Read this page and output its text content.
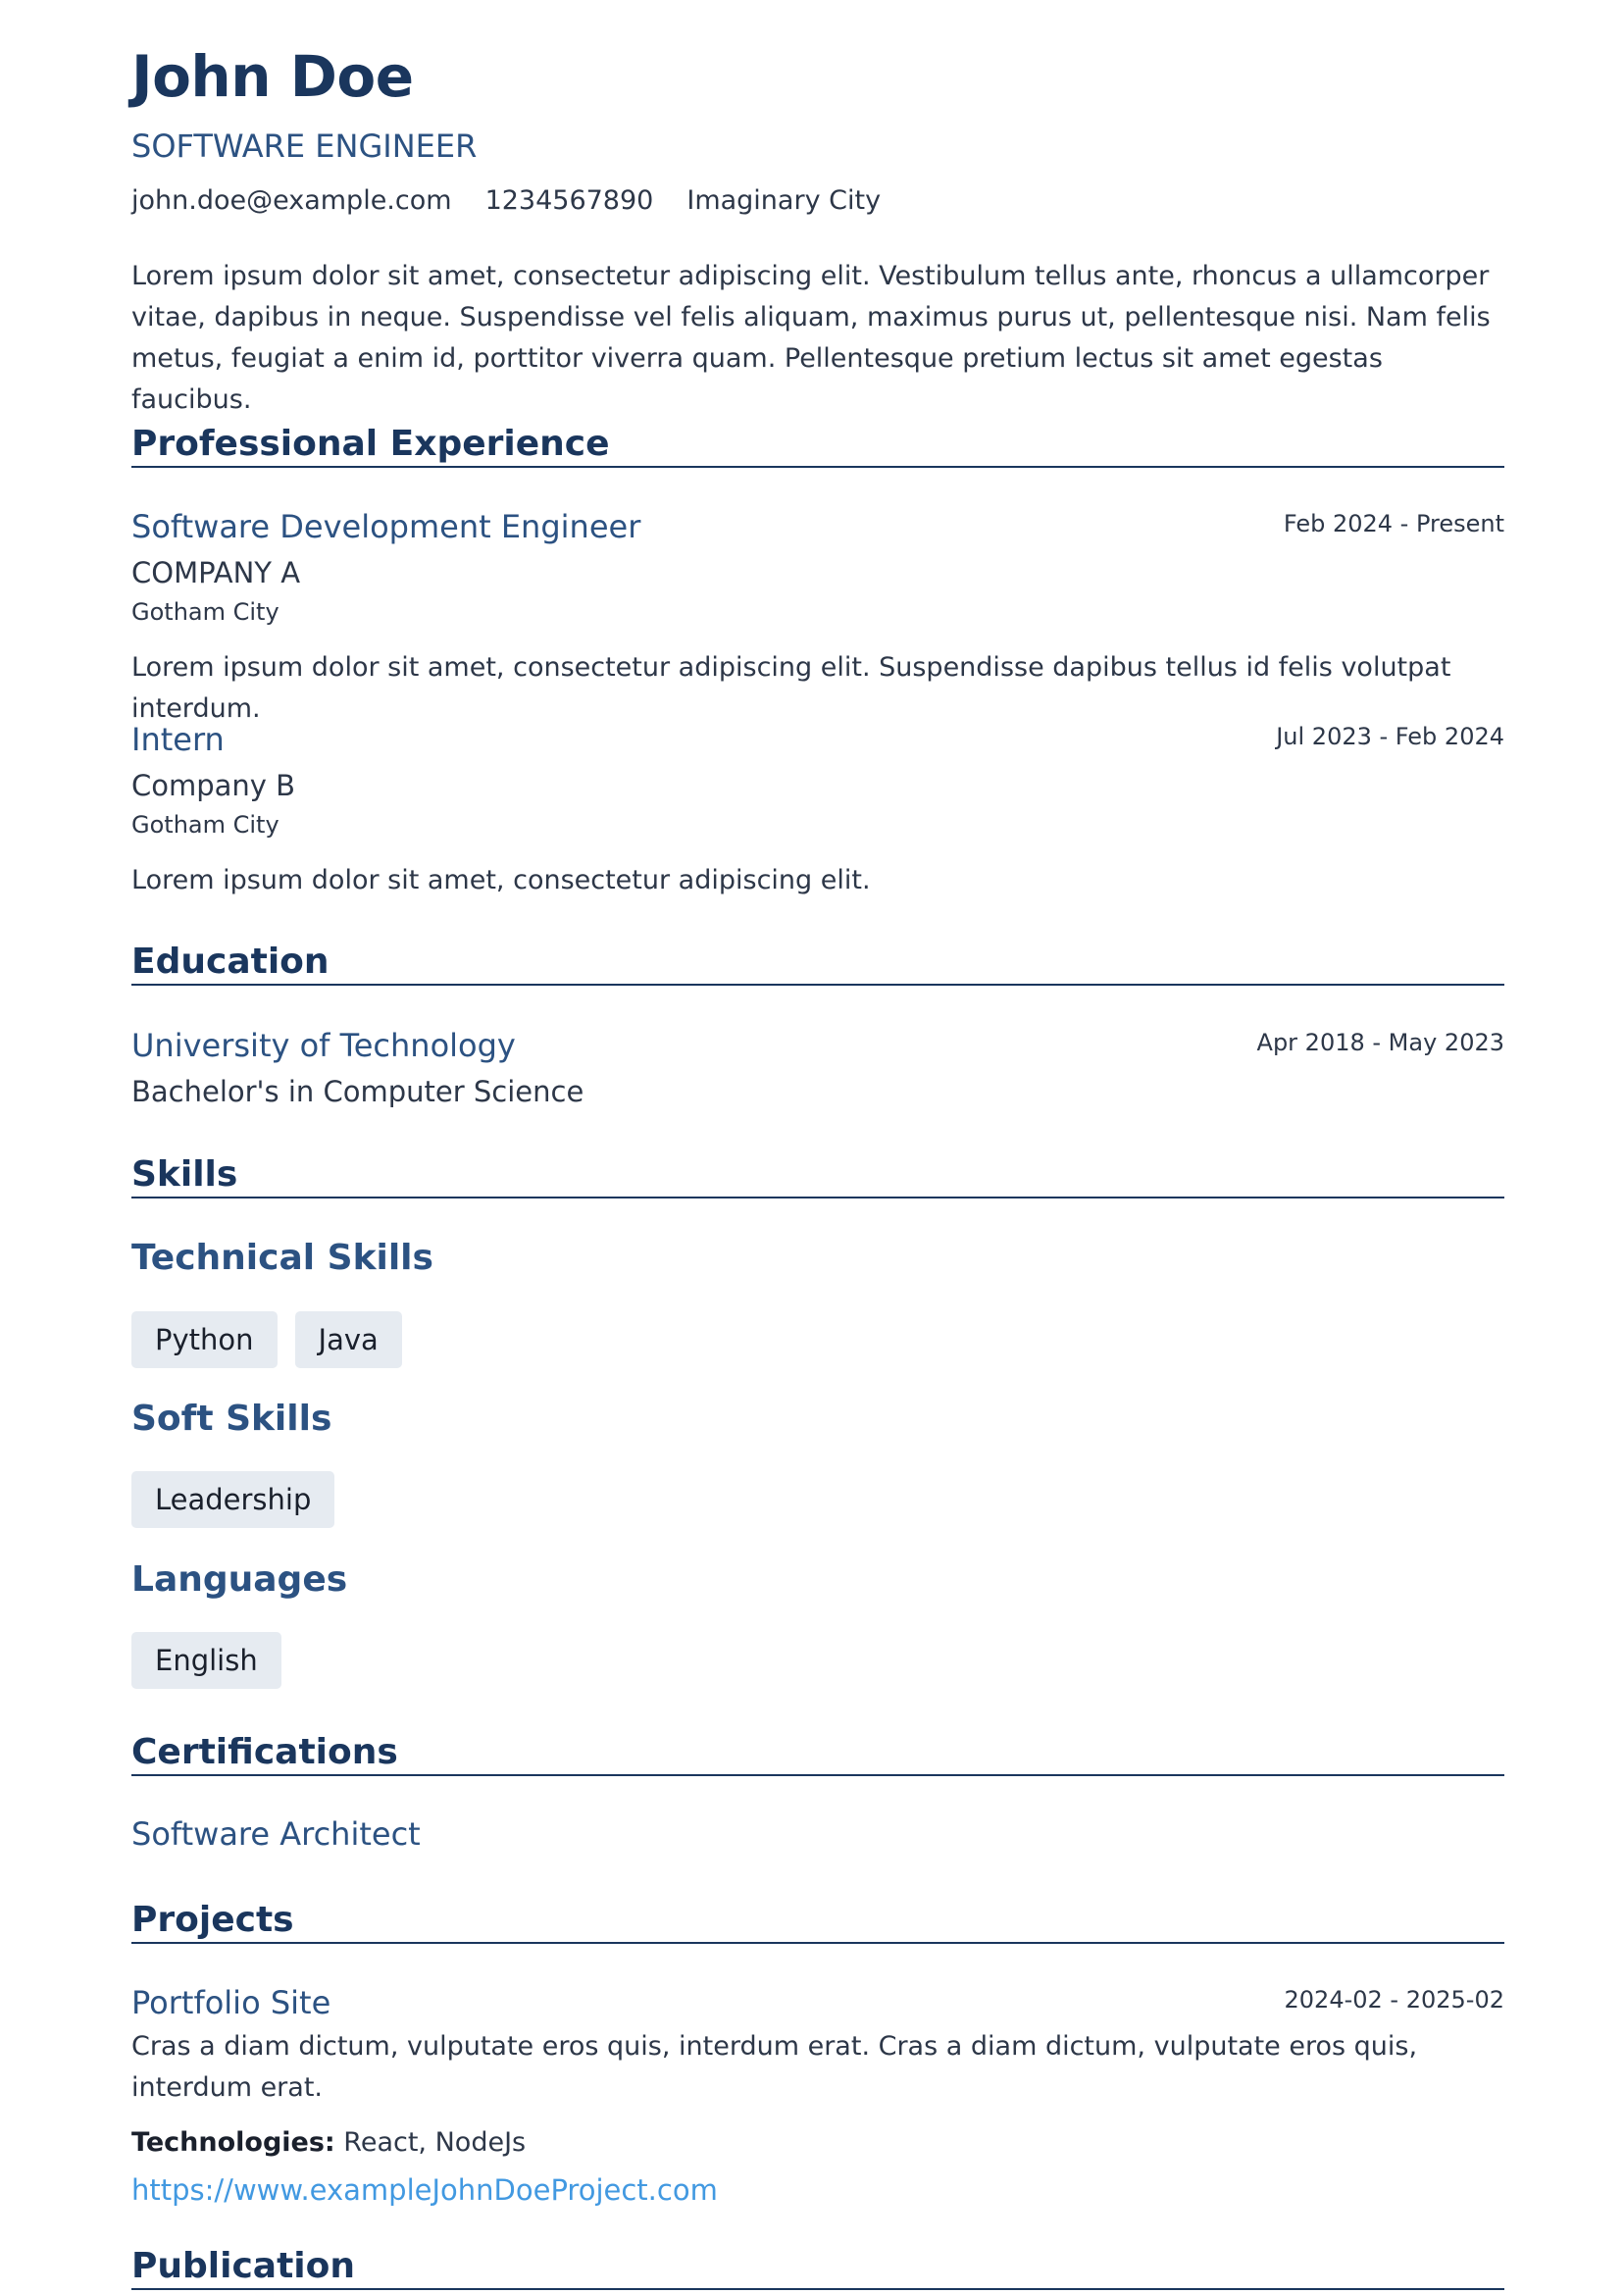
John Doe
SOFTWARE ENGINEER
john.doe@example.com 1234567890 Imaginary City

Lorem ipsum dolor sit amet, consectetur adipiscing elit. Vestibulum tellus ante, rhoncus a ullamcorper vitae, dapibus in neque. Suspendisse vel felis aliquam, maximus purus ut, pellentesque nisi. Nam felis metus, feugiat a enim id, porttitor viverra quam. Pellentesque pretium lectus sit amet egestas faucibus.

Professional Experience
Software Development Engineer	Feb 2024 - Present
COMPANY A
Gotham City

Lorem ipsum dolor sit amet, consectetur adipiscing elit. Suspendisse dapibus tellus id felis volutpat interdum.

Intern	Jul 2023 - Feb 2024
Company B
Gotham City

Lorem ipsum dolor sit amet, consectetur adipiscing elit.

Education
University of Technology	Apr 2018 - May 2023
Bachelor's in Computer Science
Skills
Technical Skills
Python	Java
Soft Skills
Leadership
Languages
English
Certifications
Software Architect
Projects
Portfolio Site	2024-02 - 2025-02

Cras a diam dictum, vulputate eros quis, interdum erat. Cras a diam dictum, vulputate eros quis, interdum erat.

Technologies: React, NodeJs
https://www.exampleJohnDoeProject.com
Publication
